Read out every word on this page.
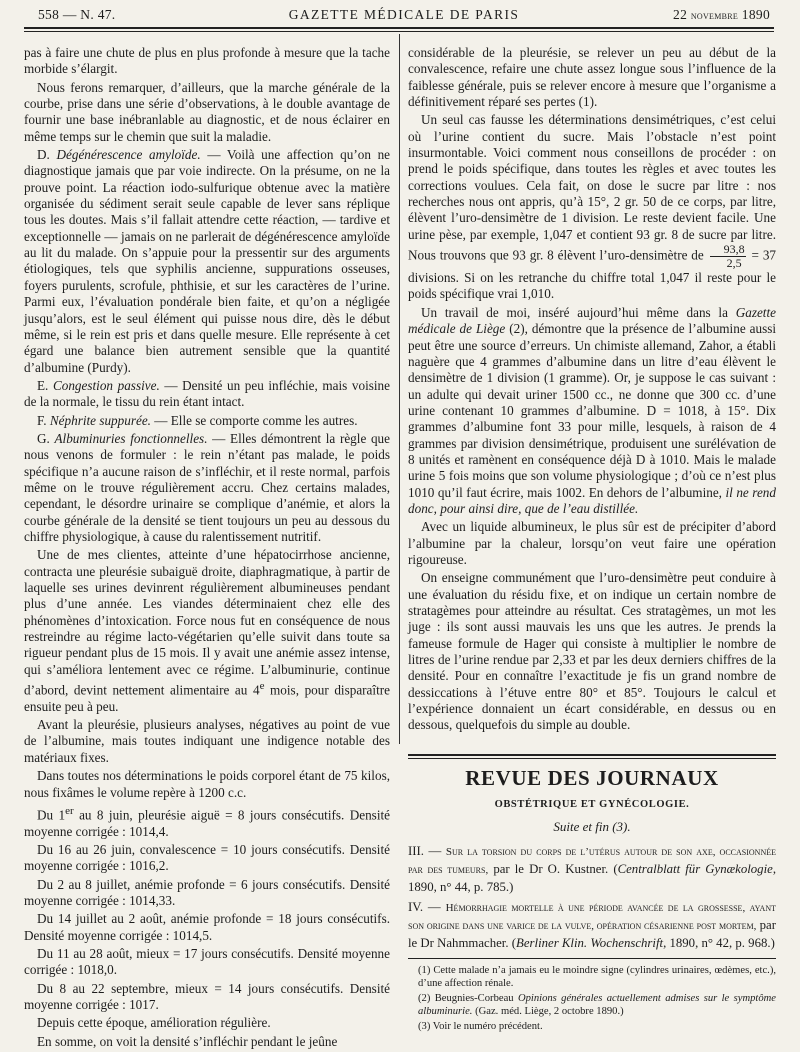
558 — N. 47.	GAZETTE MÉDICALE DE PARIS	22 novembre 1890

pas à faire une chute de plus en plus profonde à mesure que la tache morbide s’élargit.

Nous ferons remarquer, d’ailleurs, que la marche générale de la courbe, prise dans une série d’observations, à le double avantage de fournir une base inébranlable au diagnostic, et de nous éclairer en même temps sur le chemin que suit la maladie.

D. Dégénérescence amyloïde. — Voilà une affection qu’on ne diagnostique jamais que par voie indirecte. On la présume, on ne la prouve point. La réaction iodo-sulfurique obtenue avec la matière organisée du sédiment serait seule capable de lever sans réplique tous les doutes. Mais s’il fallait attendre cette réaction, — tardive et exceptionnelle — jamais on ne parlerait de dégénérescence amyloïde au lit du malade. On s’appuie pour la pressentir sur des arguments étiologiques, tels que syphilis ancienne, suppurations osseuses, foyers purulents, scrofule, phthisie, et sur les caractères de l’urine. Parmi eux, l’évaluation pondérale bien faite, et qu’on a négligée jusqu’alors, est le seul élément qui puisse nous dire, dès le début même, si le rein est pris et dans quelle mesure. Elle représente à cet égard une balance bien autrement sensible que la quantité d’albumine (Purdy).

E. Congestion passive. — Densité un peu infléchie, mais voisine de la normale, le tissu du rein étant intact.

F. Néphrite suppurée. — Elle se comporte comme les autres.

G. Albuminuries fonctionnelles. — Elles démontrent la règle que nous venons de formuler : le rein n’étant pas malade, le poids spécifique n’a aucune raison de s’infléchir, et il reste normal, parfois même on le trouve régulièrement accru. Chez certains malades, cependant, le désordre urinaire se complique d’anémie, et alors la courbe générale de la densité se tient toujours un peu au dessous du chiffre physiologique, à cause du ralentissement nutritif.

Une de mes clientes, atteinte d’une hépatocirrhose ancienne, contracta une pleurésie subaiguë droite, diaphragmatique, à partir de laquelle ses urines devinrent régulièrement albumineuses pendant plus d’une année. Les viandes déterminaient chez elle des phénomènes d’intoxication. Force nous fut en conséquence de nous restreindre au régime lacto-végétarien qu’elle suivit dans toute sa rigueur pendant plus de 15 mois. Il y avait une anémie assez intense, qui s’améliora lentement avec ce régime. L’albuminurie, continue d’abord, devint nettement alimentaire au 4e mois, pour disparaître ensuite peu à peu.

Avant la pleurésie, plusieurs analyses, négatives au point de vue de l’albumine, mais toutes indiquant une indigence notable des matériaux fixes.

Dans toutes nos déterminations le poids corporel étant de 75 kilos, nous fixâmes le volume repère à 1200 c.c.

Du 1er au 8 juin, pleurésie aiguë = 8 jours consécutifs. Densité moyenne corrigée : 1014,4.

Du 16 au 26 juin, convalescence = 10 jours consécutifs. Densité moyenne corrigée : 1016,2.

Du 2 au 8 juillet, anémie profonde = 6 jours consécutifs. Densité moyenne corrigée : 1014,33.

Du 14 juillet au 2 août, anémie profonde = 18 jours consécutifs. Densité moyenne corrigée : 1014,5.

Du 11 au 28 août, mieux = 17 jours consécutifs. Densité moyenne corrigée : 1018,0.

Du 8 au 22 septembre, mieux = 14 jours consécutifs. Densité moyenne corrigée : 1017.

Depuis cette époque, amélioration régulière.

En somme, on voit la densité s’infléchir pendant le jeûne

considérable de la pleurésie, se relever un peu au début de la convalescence, refaire une chute assez longue sous l’influence de la faiblesse générale, puis se relever encore à mesure que l’organisme a définitivement réparé ses pertes (1).

Un seul cas fausse les déterminations densimétriques, c’est celui où l’urine contient du sucre. Mais l’obstacle n’est point insurmontable. Voici comment nous conseillons de procéder : on prend le poids spécifique, dans toutes les règles et avec toutes les corrections voulues. Cela fait, on dose le sucre par litre : nos recherches nous ont appris, qu’à 15°, 2 gr. 50 de ce corps, par litre, élèvent l’uro-densimètre de 1 division. Le reste devient facile. Une urine pèse, par exemple, 1,047 et contient 93 gr. 8 de sucre par litre. Nous trouvons que 93 gr. 8 élèvent l’uro-densimètre de $\frac{93,8}{2,5} = 37$ divisions. Si on les retranche du chiffre total 1,047 il reste pour le poids spécifique vrai 1,010.

Un travail de moi, inséré aujourd’hui même dans la Gazette médicale de Liège (2), démontre que la présence de l’albumine aussi peut être une source d’erreurs. Un chimiste allemand, Zahor, a établi naguère que 4 grammes d’albumine dans un litre d’eau élèvent le densimètre de 1 division (1 gramme). Or, je suppose le cas suivant : un adulte qui devait uriner 1500 cc., ne donne que 300 cc. d’une urine contenant 10 grammes d’albumine. D = 1018, à 15°. Dix grammes d’albumine font 33 pour mille, lesquels, à raison de 4 grammes par division densimétrique, produisent une surélévation de 8 unités et ramènent en conséquence déjà D à 1010. Mais le malade urine 5 fois moins que son volume physiologique ; d’où ce n’est plus 1010 qu’il faut écrire, mais 1002. En dehors de l’albumine, il ne rend donc, pour ainsi dire, que de l’eau distillée.

Avec un liquide albumineux, le plus sûr est de précipiter d’abord l’albumine par la chaleur, lorsqu’on veut faire une opération rigoureuse.

On enseigne communément que l’uro-densimètre peut conduire à une évaluation du résidu fixe, et on indique un certain nombre de stratagèmes pour atteindre au résultat. Ces stratagèmes, un mot les juge : ils sont aussi mauvais les uns que les autres. Je prends la fameuse formule de Hager qui consiste à multiplier le nombre de litres de l’urine rendue par 2,33 et par les deux derniers chiffres de la densité. Pour en connaître l’exactitude je fis un grand nombre de dessiccations à l’étuve entre 80° et 85°. Toujours le calcul et l’expérience donnaient un écart considérable, en dessus ou en dessous, quelquefois du simple au double.

REVUE DES JOURNAUX
OBSTÉTRIQUE ET GYNÉCOLOGIE.
Suite et fin (3).

III. — Sur la torsion du corps de l’utérus autour de son axe, occasionnée par des tumeurs, par le Dr O. Kustner. (Centralblatt für Gynækologie, 1890, n° 44, p. 785.)

IV. — Hémorrhagie mortelle à une période avancée de la grossesse, ayant son origine dans une varice de la vulve, opération césarienne post mortem, par le Dr Nahmmacher. (Berliner Klin. Wochenschrift, 1890, n° 42, p. 968.)

(1) Cette malade n’a jamais eu le moindre signe (cylindres urinaires, œdèmes, etc.), d’une affection rénale.

(2) Beugnies-Corbeau Opinions générales actuellement admises sur le symptôme albuminurie. (Gaz. méd. Liège, 2 octobre 1890.)

(3) Voir le numéro précédent.
